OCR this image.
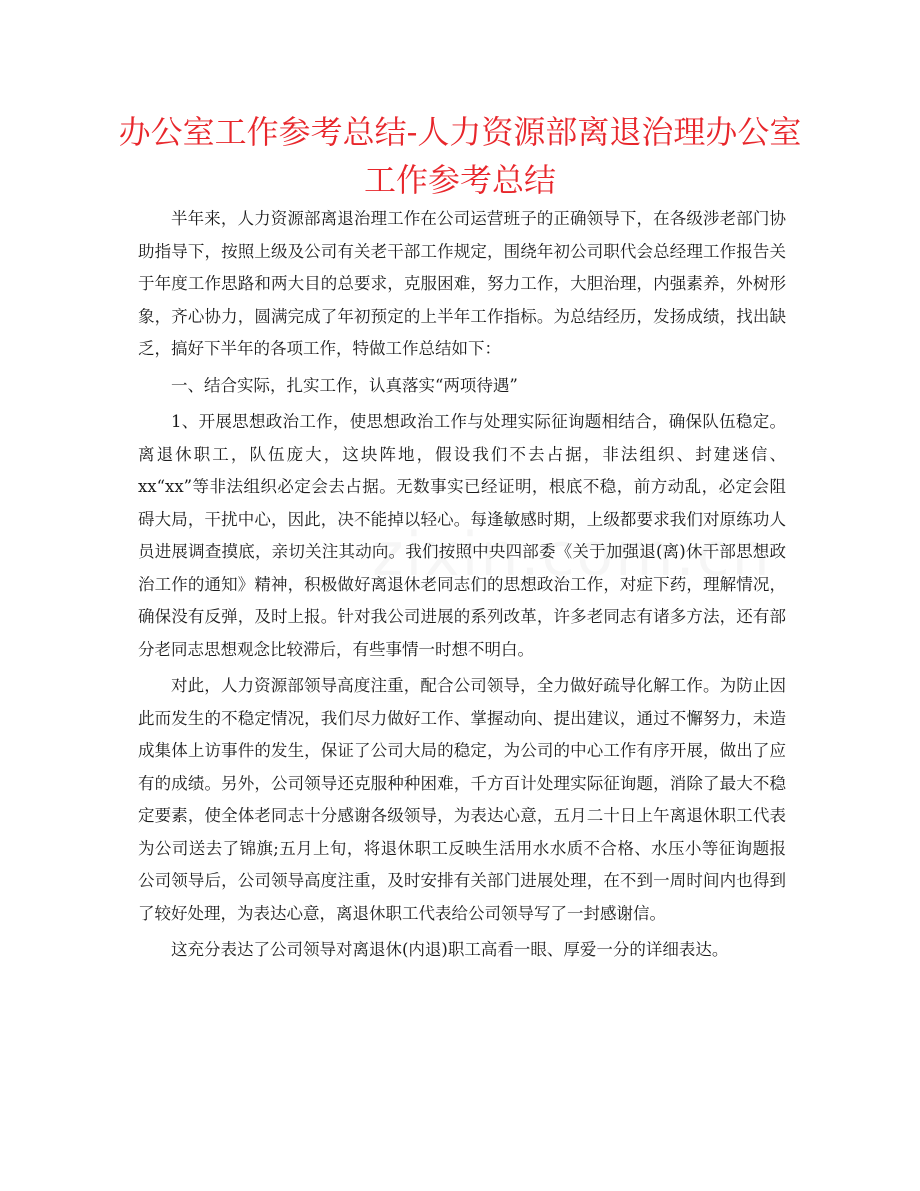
办公室工作参考总结-人力资源部离退治理办公室
工作参考总结

半年来，人力资源部离退治理工作在公司运营班子的正确领导下，在各级涉老部门协助指导下，按照上级及公司有关老干部工作规定，围绕年初公司职代会总经理工作报告关于年度工作思路和两大目的总要求，克服困难，努力工作，大胆治理，内强素养，外树形象，齐心协力，圆满完成了年初预定的上半年工作指标。为总结经历，发扬成绩，找出缺乏，搞好下半年的各项工作，特做工作总结如下：

一、结合实际，扎实工作，认真落实“两项待遇”

1、开展思想政治工作，使思想政治工作与处理实际征询题相结合，确保队伍稳定。离退休职工，队伍庞大，这块阵地，假设我们不去占据，非法组织、封建迷信、xx“xx”等非法组织必定会去占据。无数事实已经证明，根底不稳，前方动乱，必定会阻碍大局，干扰中心，因此，决不能掉以轻心。每逢敏感时期，上级都要求我们对原练功人员进展调查摸底，亲切关注其动向。我们按照中央四部委《关于加强退(离)休干部思想政治工作的通知》精神，积极做好离退休老同志们的思想政治工作，对症下药，理解情况，确保没有反弹，及时上报。针对我公司进展的系列改革，许多老同志有诸多方法，还有部分老同志思想观念比较滞后，有些事情一时想不明白。

对此，人力资源部领导高度注重，配合公司领导，全力做好疏导化解工作。为防止因此而发生的不稳定情况，我们尽力做好工作、掌握动向、提出建议，通过不懈努力，未造成集体上访事件的发生，保证了公司大局的稳定，为公司的中心工作有序开展，做出了应有的成绩。另外，公司领导还克服种种困难，千方百计处理实际征询题，消除了最大不稳定要素，使全体老同志十分感谢各级领导，为表达心意，五月二十日上午离退休职工代表为公司送去了锦旗;五月上旬，将退休职工反映生活用水水质不合格、水压小等征询题报公司领导后，公司领导高度注重，及时安排有关部门进展处理，在不到一周时间内也得到了较好处理，为表达心意，离退休职工代表给公司领导写了一封感谢信。

这充分表达了公司领导对离退休(内退)职工高看一眼、厚爱一分的详细表达。
